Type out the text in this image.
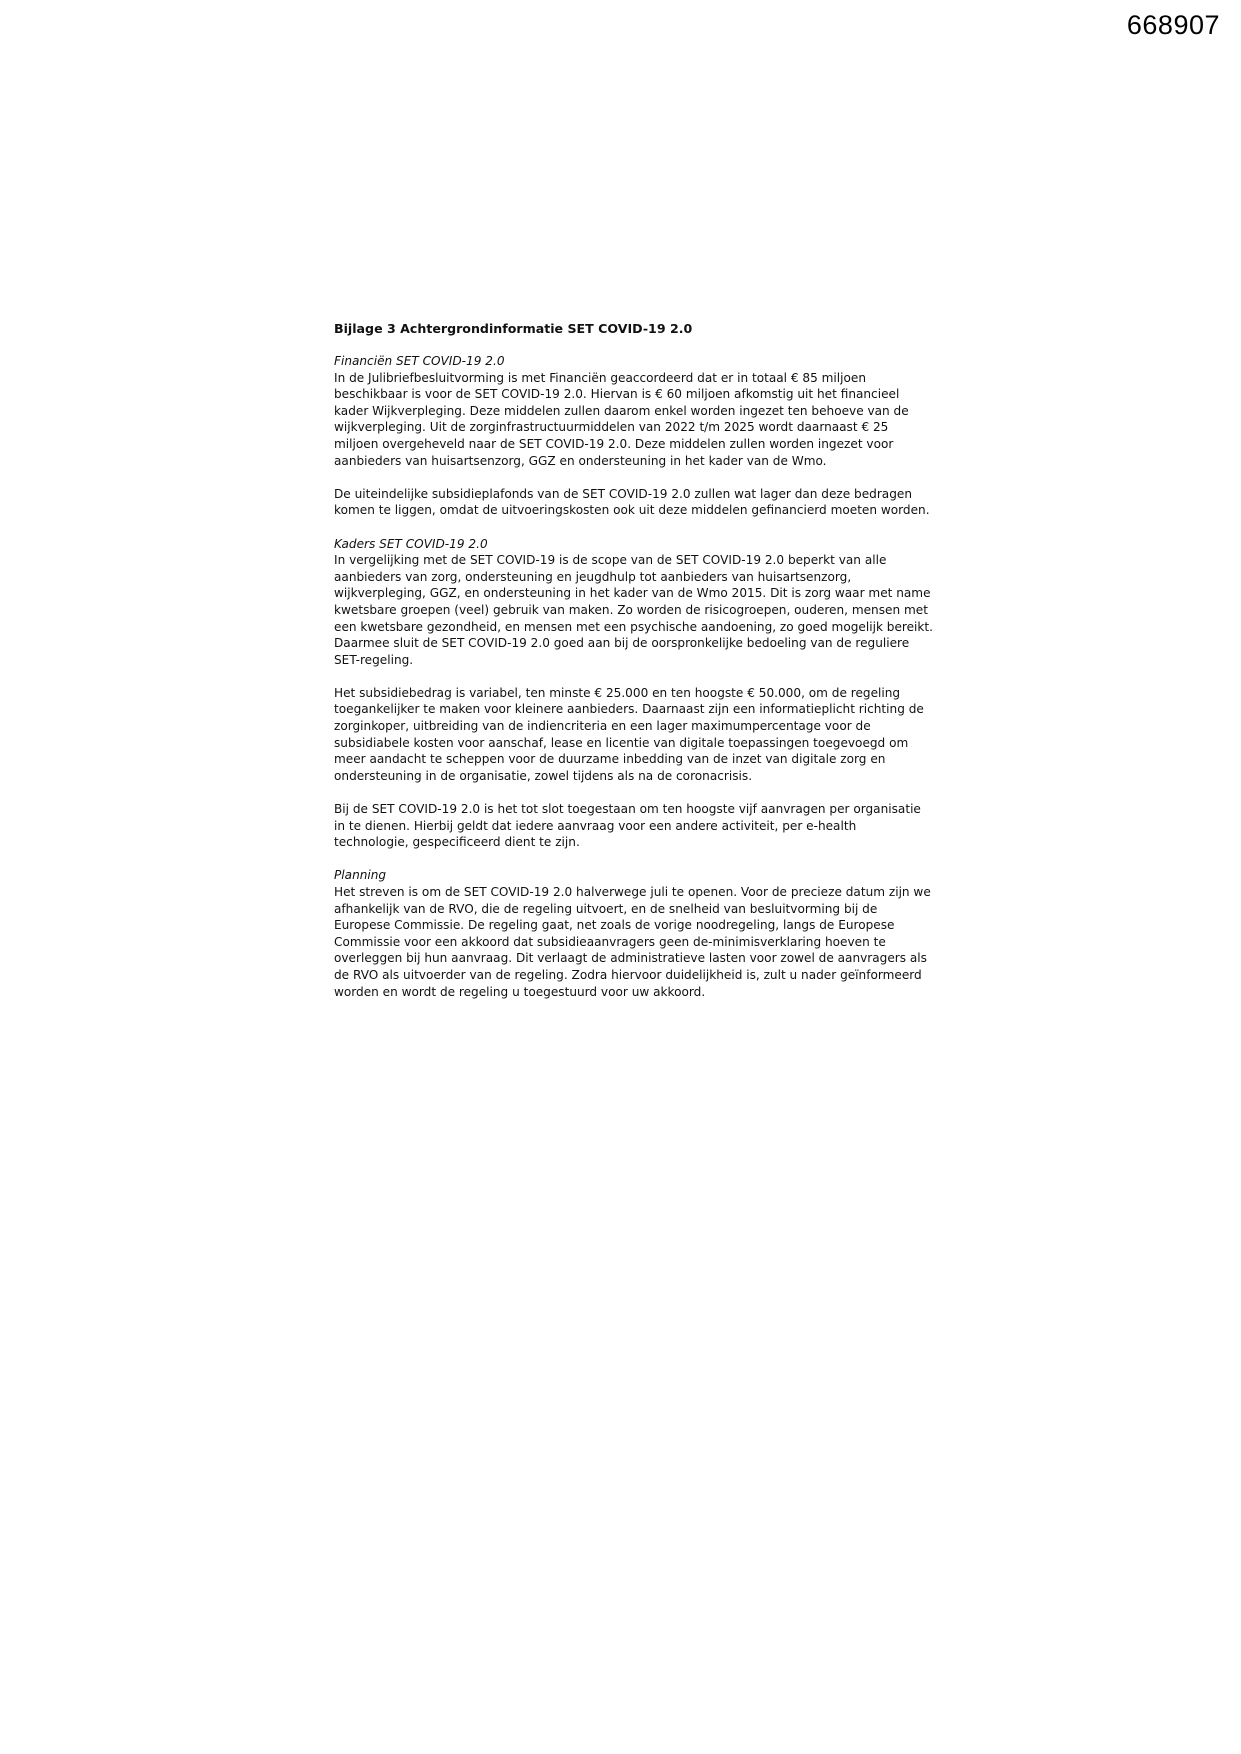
668907
Bijlage 3 Achtergrondinformatie SET COVID-19 2.0
Financiën SET COVID-19 2.0

In de Julibriefbesluitvorming is met Financiën geaccordeerd dat er in totaal € 85 miljoen beschikbaar is voor de SET COVID-19 2.0. Hiervan is € 60 miljoen afkomstig uit het financieel kader Wijkverpleging. Deze middelen zullen daarom enkel worden ingezet ten behoeve van de wijkverpleging. Uit de zorginfrastructuurmiddelen van 2022 t/m 2025 wordt daarnaast € 25 miljoen overgeheveld naar de SET COVID-19 2.0. Deze middelen zullen worden ingezet voor aanbieders van huisartsenzorg, GGZ en ondersteuning in het kader van de Wmo.

De uiteindelijke subsidieplafonds van de SET COVID-19 2.0 zullen wat lager dan deze bedragen komen te liggen, omdat de uitvoeringskosten ook uit deze middelen gefinancierd moeten worden.

Kaders SET COVID-19 2.0

In vergelijking met de SET COVID-19 is de scope van de SET COVID-19 2.0 beperkt van alle aanbieders van zorg, ondersteuning en jeugdhulp tot aanbieders van huisartsenzorg, wijkverpleging, GGZ, en ondersteuning in het kader van de Wmo 2015. Dit is zorg waar met name kwetsbare groepen (veel) gebruik van maken. Zo worden de risicogroepen, ouderen, mensen met een kwetsbare gezondheid, en mensen met een psychische aandoening, zo goed mogelijk bereikt. Daarmee sluit de SET COVID-19 2.0 goed aan bij de oorspronkelijke bedoeling van de reguliere SET-regeling.

Het subsidiebedrag is variabel, ten minste € 25.000 en ten hoogste € 50.000, om de regeling toegankelijker te maken voor kleinere aanbieders. Daarnaast zijn een informatieplicht richting de zorginkoper, uitbreiding van de indiencriteria en een lager maximumpercentage voor de subsidiabele kosten voor aanschaf, lease en licentie van digitale toepassingen toegevoegd om meer aandacht te scheppen voor de duurzame inbedding van de inzet van digitale zorg en ondersteuning in de organisatie, zowel tijdens als na de coronacrisis.

Bij de SET COVID-19 2.0 is het tot slot toegestaan om ten hoogste vijf aanvragen per organisatie in te dienen. Hierbij geldt dat iedere aanvraag voor een andere activiteit, per e-health technologie, gespecificeerd dient te zijn.

Planning

Het streven is om de SET COVID-19 2.0 halverwege juli te openen. Voor de precieze datum zijn we afhankelijk van de RVO, die de regeling uitvoert, en de snelheid van besluitvorming bij de Europese Commissie. De regeling gaat, net zoals de vorige noodregeling, langs de Europese Commissie voor een akkoord dat subsidieaanvragers geen de-minimisverklaring hoeven te overleggen bij hun aanvraag. Dit verlaagt de administratieve lasten voor zowel de aanvragers als de RVO als uitvoerder van de regeling. Zodra hiervoor duidelijkheid is, zult u nader geïnformeerd worden en wordt de regeling u toegestuurd voor uw akkoord.
